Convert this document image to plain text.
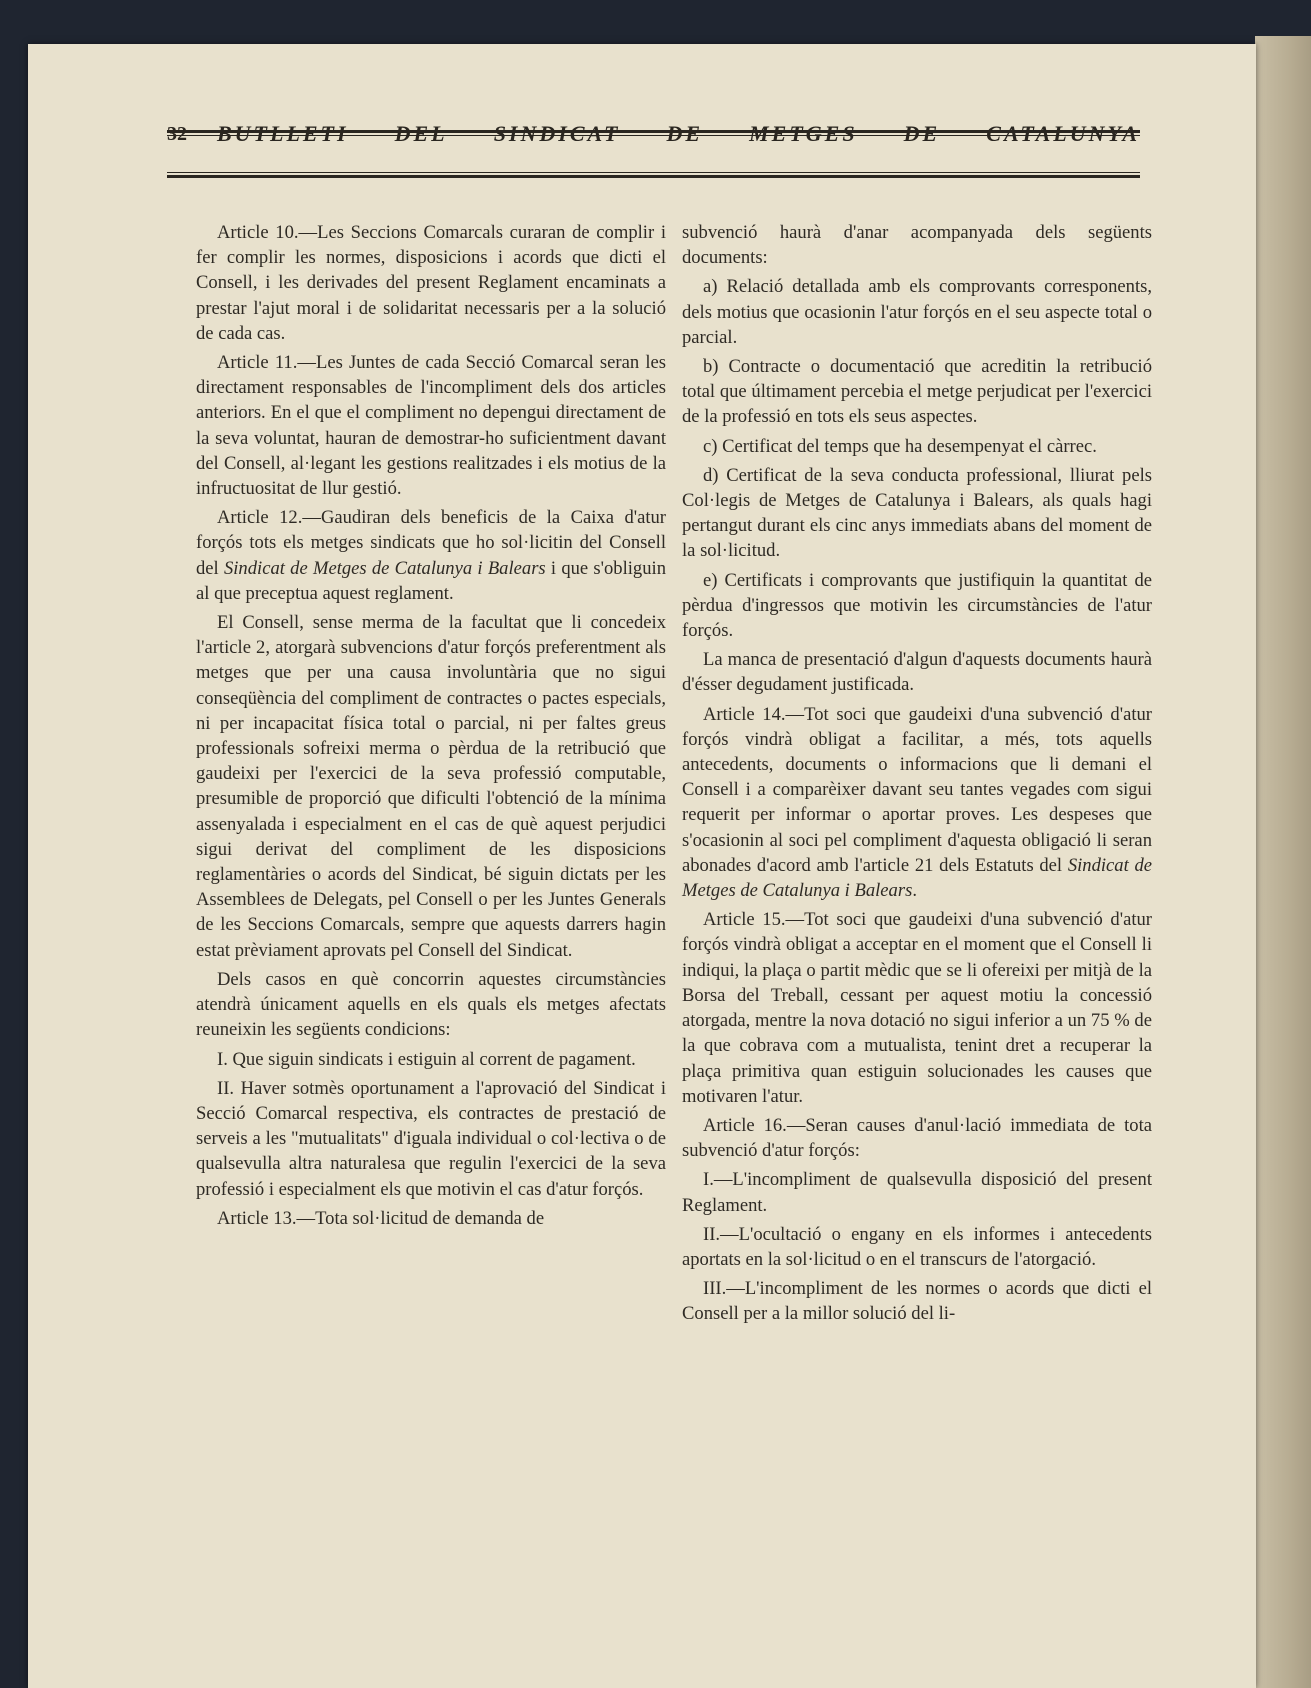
32	BUTLLETI DEL SINDICAT DE METGES DE CATALUNYA

Article 10.—Les Seccions Comarcals curaran de complir i fer complir les normes, disposicions i acords que dicti el Consell, i les derivades del present Reglament encaminats a prestar l'ajut moral i de solidaritat necessaris per a la solució de cada cas.

Article 11.—Les Juntes de cada Secció Comarcal seran les directament responsables de l'incompliment dels dos articles anteriors. En el que el compliment no depengui directament de la seva voluntat, hauran de demostrar-ho suficientment davant del Consell, al·legant les gestions realitzades i els motius de la infructuositat de llur gestió.

Article 12.—Gaudiran dels beneficis de la Caixa d'atur forçós tots els metges sindicats que ho sol·licitin del Consell del Sindicat de Metges de Catalunya i Balears i que s'obliguin al que preceptua aquest reglament.

El Consell, sense merma de la facultat que li concedeix l'article 2, atorgarà subvencions d'atur forçós preferentment als metges que per una causa involuntària que no sigui conseqüència del compliment de contractes o pactes especials, ni per incapacitat física total o parcial, ni per faltes greus professionals sofreixi merma o pèrdua de la retribució que gaudeixi per l'exercici de la seva professió computable, presumible de proporció que dificulti l'obtenció de la mínima assenyalada i especialment en el cas de què aquest perjudici sigui derivat del compliment de les disposicions reglamentàries o acords del Sindicat, bé siguin dictats per les Assemblees de Delegats, pel Consell o per les Juntes Generals de les Seccions Comarcals, sempre que aquests darrers hagin estat prèviament aprovats pel Consell del Sindicat.

Dels casos en què concorrin aquestes circumstàncies atendrà únicament aquells en els quals els metges afectats reuneixin les següents condicions:

I. Que siguin sindicats i estiguin al corrent de pagament.

II. Haver sotmès oportunament a l'aprovació del Sindicat i Secció Comarcal respectiva, els contractes de prestació de serveis a les "mutualitats" d'iguala individual o col·lectiva o de qualsevulla altra naturalesa que regulin l'exercici de la seva professió i especialment els que motivin el cas d'atur forçós.

Article 13.—Tota sol·licitud de demanda de

subvenció haurà d'anar acompanyada dels següents documents:

a) Relació detallada amb els comprovants corresponents, dels motius que ocasionin l'atur forçós en el seu aspecte total o parcial.

b) Contracte o documentació que acreditin la retribució total que últimament percebia el metge perjudicat per l'exercici de la professió en tots els seus aspectes.

c) Certificat del temps que ha desempenyat el càrrec.

d) Certificat de la seva conducta professional, lliurat pels Col·legis de Metges de Catalunya i Balears, als quals hagi pertangut durant els cinc anys immediats abans del moment de la sol·licitud.

e) Certificats i comprovants que justifiquin la quantitat de pèrdua d'ingressos que motivin les circumstàncies de l'atur forçós.

La manca de presentació d'algun d'aquests documents haurà d'ésser degudament justificada.

Article 14.—Tot soci que gaudeixi d'una subvenció d'atur forçós vindrà obligat a facilitar, a més, tots aquells antecedents, documents o informacions que li demani el Consell i a comparèixer davant seu tantes vegades com sigui requerit per informar o aportar proves. Les despeses que s'ocasionin al soci pel compliment d'aquesta obligació li seran abonades d'acord amb l'article 21 dels Estatuts del Sindicat de Metges de Catalunya i Balears.

Article 15.—Tot soci que gaudeixi d'una subvenció d'atur forçós vindrà obligat a acceptar en el moment que el Consell li indiqui, la plaça o partit mèdic que se li ofereixi per mitjà de la Borsa del Treball, cessant per aquest motiu la concessió atorgada, mentre la nova dotació no sigui inferior a un 75 % de la que cobrava com a mutualista, tenint dret a recuperar la plaça primitiva quan estiguin solucionades les causes que motivaren l'atur.

Article 16.—Seran causes d'anul·lació immediata de tota subvenció d'atur forçós:

I.—L'incompliment de qualsevulla disposició del present Reglament.

II.—L'ocultació o engany en els informes i antecedents aportats en la sol·licitud o en el transcurs de l'atorgació.

III.—L'incompliment de les normes o acords que dicti el Consell per a la millor solució del li-
